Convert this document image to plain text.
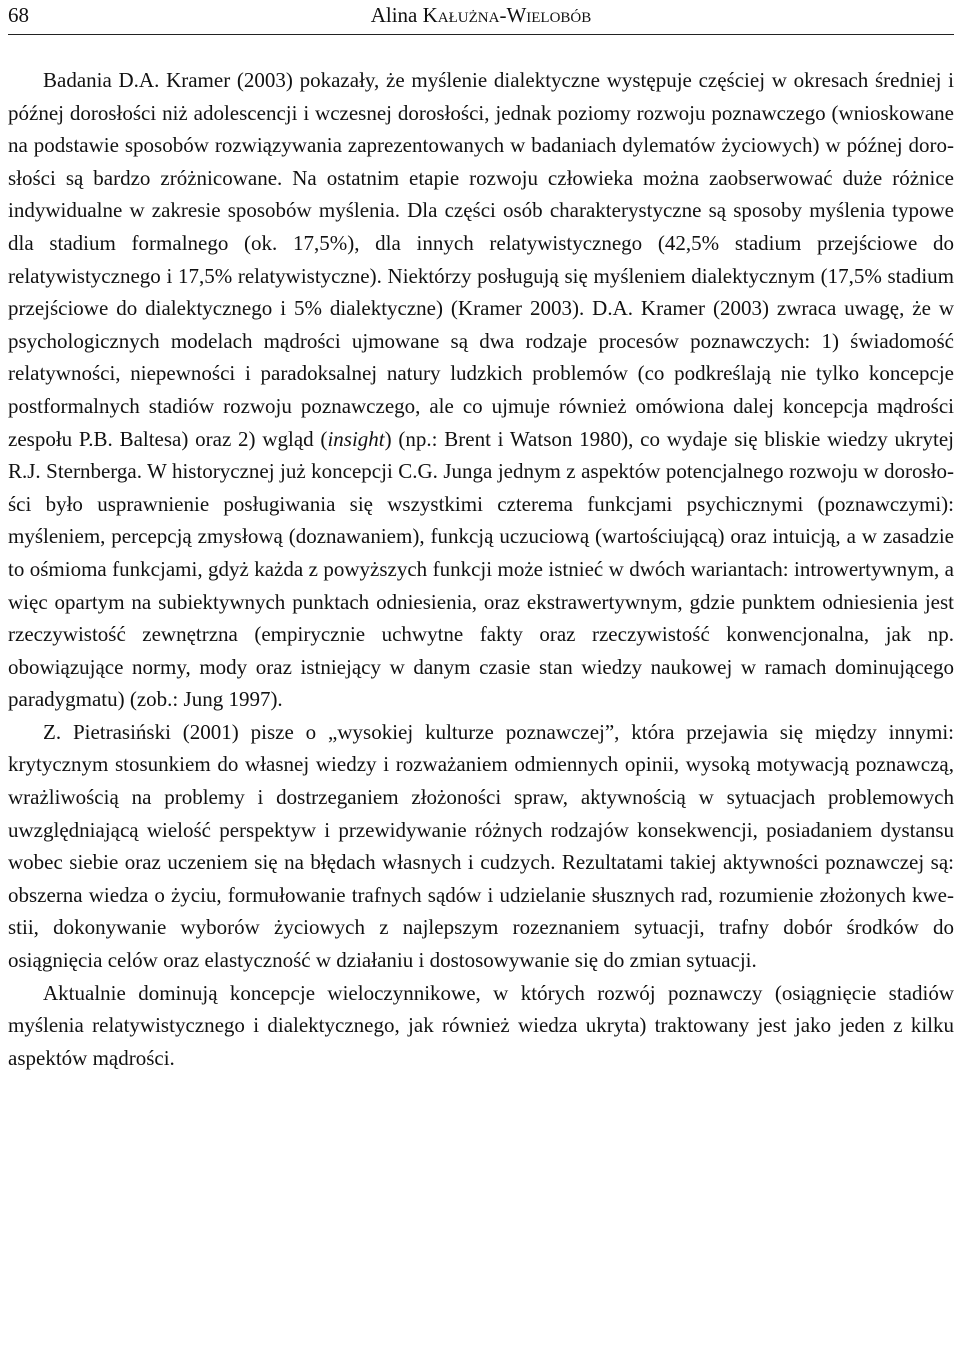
68	Alina Kałużna-Wielobób

Badania D.A. Kramer (2003) pokazały, że myślenie dialektyczne występuje częściej w okresach średniej i późnej dorosłości niż adolescencji i wczesnej dorosłości, jednak poziomy rozwoju poznawczego (wnioskowane na podstawie sposobów rozwiązywania zaprezentowanych w badaniach dylematów życiowych) w późnej dorosłości są bardzo zróżnicowane. Na ostatnim etapie rozwoju człowieka można zaobserwować duże różnice indywidualne w zakresie sposobów myślenia. Dla części osób charakterystyczne są sposoby myślenia typowe dla stadium formalnego (ok. 17,5%), dla innych relatywistycznego (42,5% stadium przejściowe do relatywistycznego i 17,5% relatywistyczne). Niektórzy posługują się myśleniem dialektycznym (17,5% stadium przejściowe do dialektycznego i 5% dialektyczne) (Kramer 2003). D.A. Kramer (2003) zwraca uwagę, że w psychologicznych modelach mądrości ujmowane są dwa rodzaje procesów poznawczych: 1) świadomość relatywności, niepewności i paradoksalnej natury ludzkich problemów (co podkreślają nie tylko koncepcje postformalnych stadiów rozwoju poznawczego, ale co ujmuje również omówiona dalej koncepcja mądrości zespołu P.B. Baltesa) oraz 2) wgląd (insight) (np.: Brent i Watson 1980), co wydaje się bliskie wiedzy ukrytej R.J. Sternberga. W historycznej już koncepcji C.G. Junga jednym z aspektów potencjalnego rozwoju w dorosłości było usprawnienie posługiwania się wszystkimi czterema funkcjami psychicznymi (poznawczymi): myśleniem, percepcją zmysłową (doznawaniem), funkcją uczuciową (wartościującą) oraz intuicją, a w zasadzie to ośmioma funkcjami, gdyż każda z powyższych funkcji może istnieć w dwóch wariantach: introwertywnym, a więc opartym na subiektywnych punktach odniesienia, oraz ekstrawertywnym, gdzie punktem odniesienia jest rzeczywistość zewnętrzna (empirycznie uchwytne fakty oraz rzeczywistość konwencjonalna, jak np. obowiązujące normy, mody oraz istniejący w danym czasie stan wiedzy naukowej w ramach dominującego paradygmatu) (zob.: Jung 1997).

Z. Pietrasiński (2001) pisze o „wysokiej kulturze poznawczej”, która przejawia się między innymi: krytycznym stosunkiem do własnej wiedzy i rozważaniem odmiennych opinii, wysoką motywacją poznawczą, wrażliwością na problemy i dostrzeganiem złożoności spraw, aktywnością w sytuacjach problemowych uwzględniającą wielość perspektyw i przewidywanie różnych rodzajów konsekwencji, posiadaniem dystansu wobec siebie oraz uczeniem się na błędach własnych i cudzych. Rezultatami takiej aktywności poznawczej są: obszerna wiedza o życiu, formułowanie trafnych sądów i udzielanie słusznych rad, rozumienie złożonych kwestii, dokonywanie wyborów życiowych z najlepszym rozeznaniem sytuacji, trafny dobór środków do osiągnięcia celów oraz elastyczność w działaniu i dostosowywanie się do zmian sytuacji.

Aktualnie dominują koncepcje wieloczynnikowe, w których rozwój poznawczy (osiągnięcie stadiów myślenia relatywistycznego i dialektycznego, jak również wiedza ukryta) traktowany jest jako jeden z kilku aspektów mądrości.
